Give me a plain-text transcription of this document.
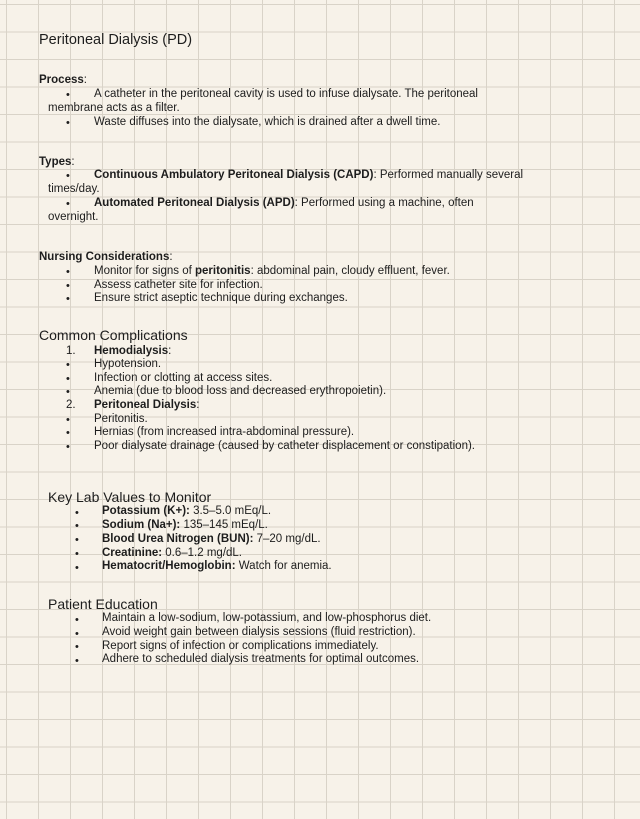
Peritoneal Dialysis (PD)
Process:
• A catheter in the peritoneal cavity is used to infuse dialysate. The peritoneal
membrane acts as a filter.
• Waste diffuses into the dialysate, which is drained after a dwell time.
Types:
• Continuous Ambulatory Peritoneal Dialysis (CAPD): Performed manually several
times/day.
• Automated Peritoneal Dialysis (APD): Performed using a machine, often
overnight.
Nursing Considerations:
• Monitor for signs of peritonitis: abdominal pain, cloudy effluent, fever.
• Assess catheter site for infection.
• Ensure strict aseptic technique during exchanges.
Common Complications
1. Hemodialysis:
• Hypotension.
• Infection or clotting at access sites.
• Anemia (due to blood loss and decreased erythropoietin).
2. Peritoneal Dialysis:
• Peritonitis.
• Hernias (from increased intra-abdominal pressure).
• Poor dialysate drainage (caused by catheter displacement or constipation).
Key Lab Values to Monitor
• Potassium (K+): 3.5–5.0 mEq/L.
• Sodium (Na+): 135–145 mEq/L.
• Blood Urea Nitrogen (BUN): 7–20 mg/dL.
• Creatinine: 0.6–1.2 mg/dL.
• Hematocrit/Hemoglobin: Watch for anemia.
Patient Education
• Maintain a low-sodium, low-potassium, and low-phosphorus diet.
• Avoid weight gain between dialysis sessions (fluid restriction).
• Report signs of infection or complications immediately.
• Adhere to scheduled dialysis treatments for optimal outcomes.
